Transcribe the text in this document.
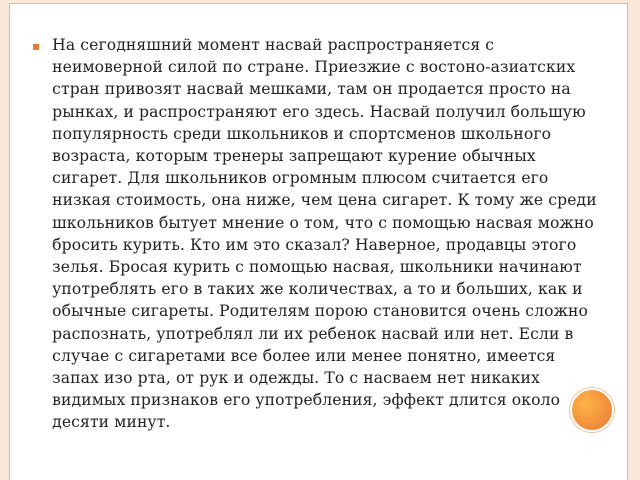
▪ На сегодняшний момент насвай распространяется с неимоверной силой по стране. Приезжие с востоно-азиатских стран привозят насвай мешками, там он продается просто на рынках, и распространяют его здесь. Насвай получил большую популярность среди школьников и спортсменов школьного возраста, которым тренеры запрещают курение обычных сигарет. Для школьников огромным плюсом считается его низкая стоимость, она ниже, чем цена сигарет. К тому же среди школьников бытует мнение о том, что с помощью насвая можно бросить курить. Кто им это сказал? Наверное, продавцы этого зелья. Бросая курить с помощью насвая, школьники начинают употреблять его в таких же количествах, а то и больших, как и обычные сигареты. Родителям порою становится очень сложно распознать, употреблял ли их ребенок насвай или нет. Если в случае с сигаретами все более или менее понятно, имеется запах изо рта, от рук и одежды. То с насваем нет никаких видимых признаков его употребления, эффект длится около десяти минут.
